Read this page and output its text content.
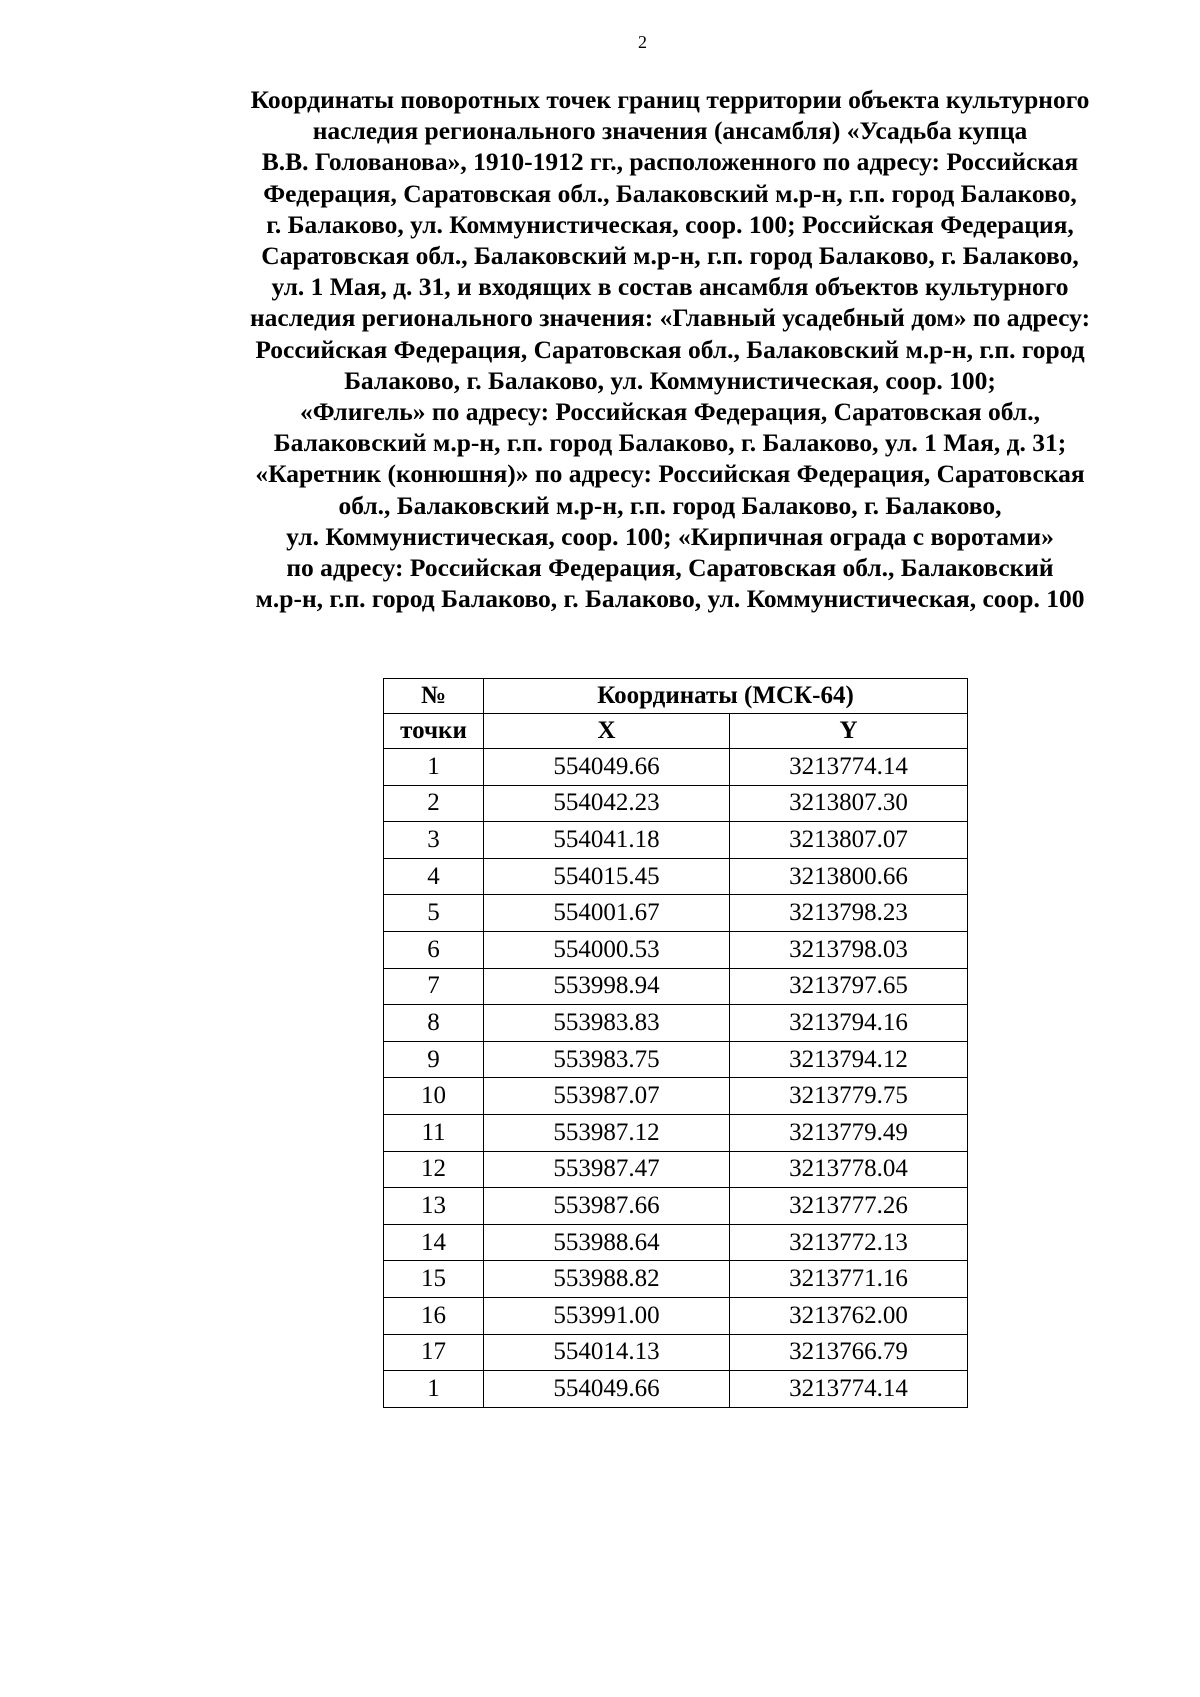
2
Координаты поворотных точек границ территории объекта культурного
наследия регионального значения (ансамбля) «Усадьба купца
В.В. Голованова», 1910-1912 гг., расположенного по адресу: Российская
Федерация, Саратовская обл., Балаковский м.р-н, г.п. город Балаково,
г. Балаково, ул. Коммунистическая, соор. 100; Российская Федерация,
Саратовская обл., Балаковский м.р-н, г.п. город Балаково, г. Балаково,
ул. 1 Мая, д. 31, и входящих в состав ансамбля объектов культурного
наследия регионального значения: «Главный усадебный дом» по адресу:
Российская Федерация, Саратовская обл., Балаковский м.р-н, г.п. город
Балаково, г. Балаково, ул. Коммунистическая, соор. 100;
«Флигель» по адресу: Российская Федерация, Саратовская обл.,
Балаковский м.р-н, г.п. город Балаково, г. Балаково, ул. 1 Мая, д. 31;
«Каретник (конюшня)» по адресу: Российская Федерация, Саратовская
обл., Балаковский м.р-н, г.п. город Балаково, г. Балаково,
ул. Коммунистическая, соор. 100; «Кирпичная ограда с воротами»
по адресу: Российская Федерация, Саратовская обл., Балаковский
м.р-н, г.п. город Балаково, г. Балаково, ул. Коммунистическая, соор. 100
№	Координаты (МСК-64)	
точки	X	Y
1	554049.66	3213774.14
2	554042.23	3213807.30
3	554041.18	3213807.07
4	554015.45	3213800.66
5	554001.67	3213798.23
6	554000.53	3213798.03
7	553998.94	3213797.65
8	553983.83	3213794.16
9	553983.75	3213794.12
10	553987.07	3213779.75
11	553987.12	3213779.49
12	553987.47	3213778.04
13	553987.66	3213777.26
14	553988.64	3213772.13
15	553988.82	3213771.16
16	553991.00	3213762.00
17	554014.13	3213766.79
1	554049.66	3213774.14
